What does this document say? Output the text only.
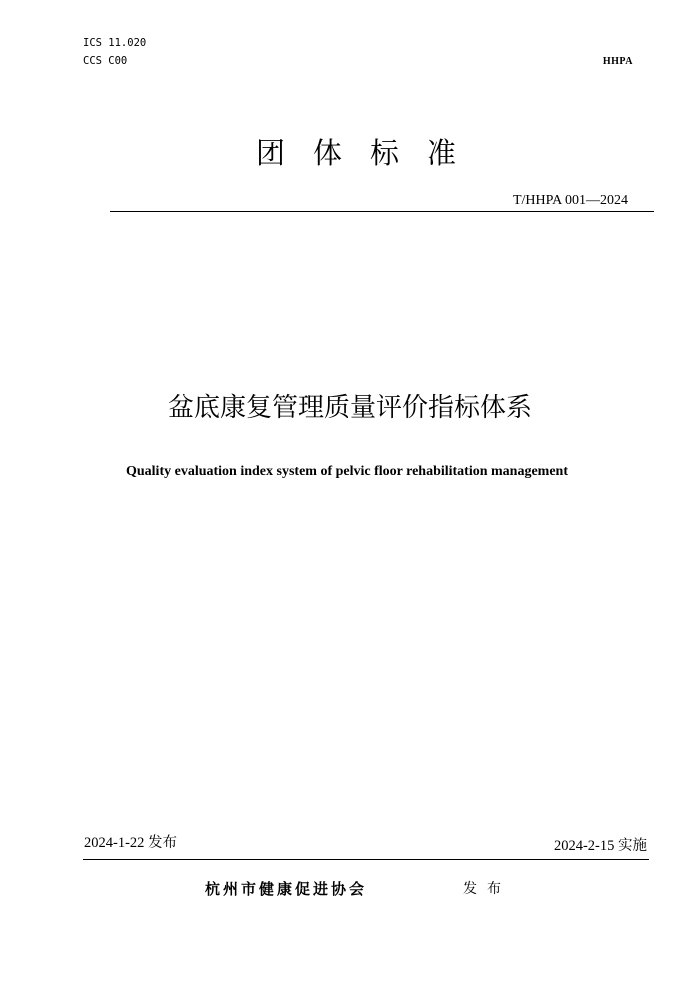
ICS 11.020
CCS C00	HHPA
团体标准
T/HHPA 001—2024
盆底康复管理质量评价指标体系
Quality evaluation index system of pelvic floor rehabilitation management
2024-1-22 发布	2024-2-15 实施
杭州市健康促进协会	发布
